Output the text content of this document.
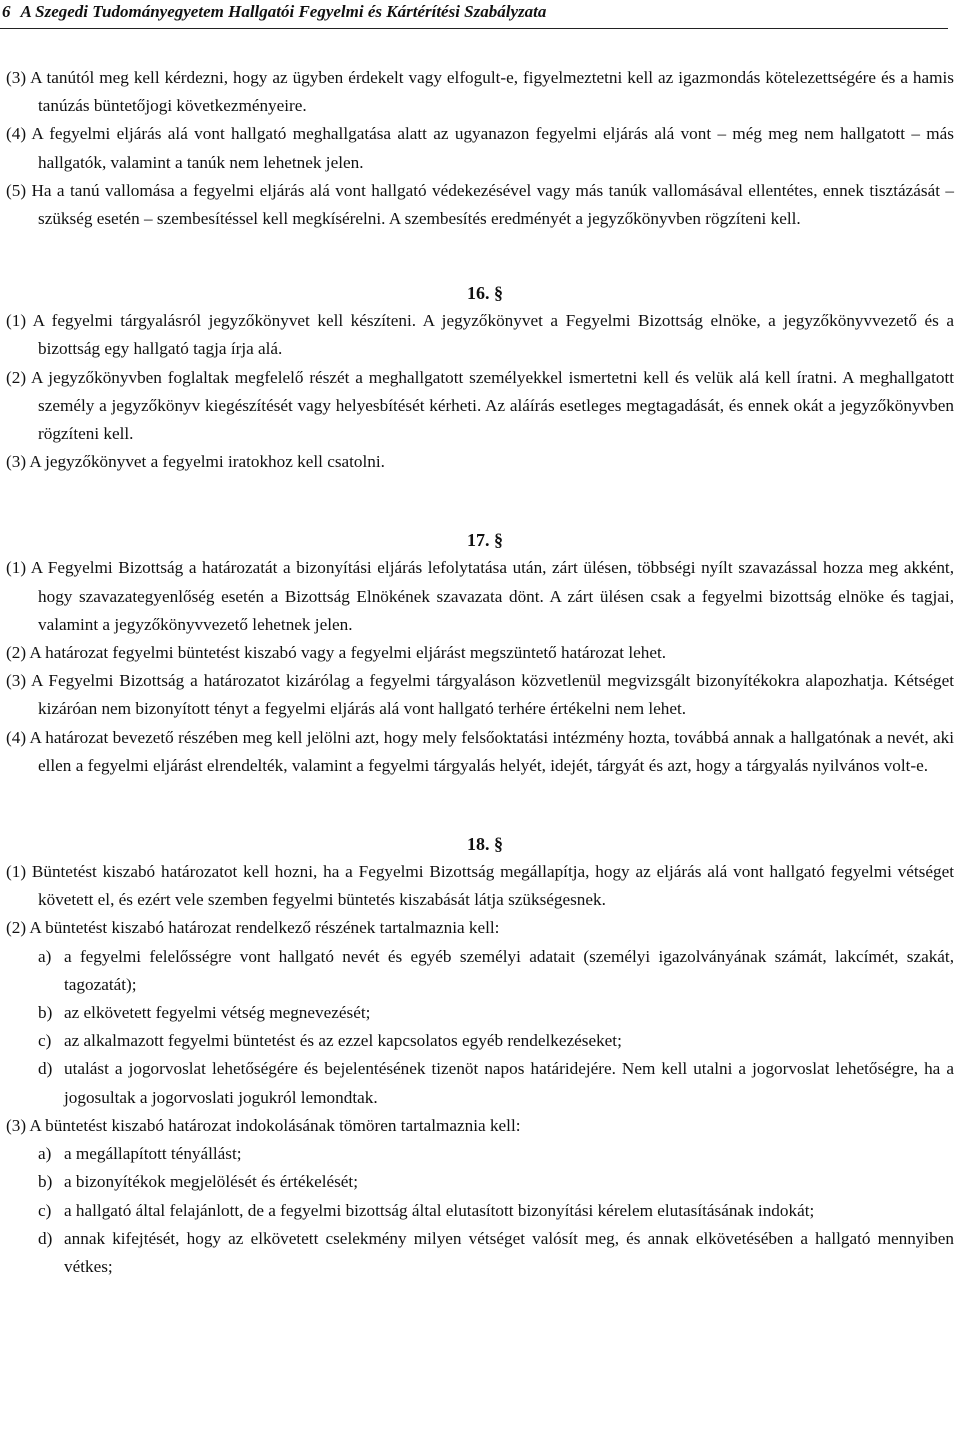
6 A Szegedi Tudományegyetem Hallgatói Fegyelmi és Kártérítési Szabályzata

(3) A tanútól meg kell kérdezni, hogy az ügyben érdekelt vagy elfogult-e, figyelmeztetni kell az igazmondás kötelezettségére és a hamis tanúzás büntetőjogi következményeire.

(4) A fegyelmi eljárás alá vont hallgató meghallgatása alatt az ugyanazon fegyelmi eljárás alá vont – még meg nem hallgatott – más hallgatók, valamint a tanúk nem lehetnek jelen.

(5) Ha a tanú vallomása a fegyelmi eljárás alá vont hallgató védekezésével vagy más tanúk vallomásával ellentétes, ennek tisztázását – szükség esetén – szembesítéssel kell megkísérelni. A szembesítés eredményét a jegyzőkönyvben rögzíteni kell.

16. §

(1) A fegyelmi tárgyalásról jegyzőkönyvet kell készíteni. A jegyzőkönyvet a Fegyelmi Bizottság elnöke, a jegyzőkönyvvezető és a bizottság egy hallgató tagja írja alá.

(2) A jegyzőkönyvben foglaltak megfelelő részét a meghallgatott személyekkel ismertetni kell és velük alá kell íratni. A meghallgatott személy a jegyzőkönyv kiegészítését vagy helyesbítését kérheti. Az aláírás esetleges megtagadását, és ennek okát a jegyzőkönyvben rögzíteni kell.

(3) A jegyzőkönyvet a fegyelmi iratokhoz kell csatolni.

17. §

(1) A Fegyelmi Bizottság a határozatát a bizonyítási eljárás lefolytatása után, zárt ülésen, többségi nyílt szavazással hozza meg akként, hogy szavazategyenlőség esetén a Bizottság Elnökének szavazata dönt. A zárt ülésen csak a fegyelmi bizottság elnöke és tagjai, valamint a jegyzőkönyvvezető lehetnek jelen.

(2) A határozat fegyelmi büntetést kiszabó vagy a fegyelmi eljárást megszüntető határozat lehet.

(3) A Fegyelmi Bizottság a határozatot kizárólag a fegyelmi tárgyaláson közvetlenül megvizsgált bizonyítékokra alapozhatja. Kétséget kizáróan nem bizonyított tényt a fegyelmi eljárás alá vont hallgató terhére értékelni nem lehet.

(4) A határozat bevezető részében meg kell jelölni azt, hogy mely felsőoktatási intézmény hozta, továbbá annak a hallgatónak a nevét, aki ellen a fegyelmi eljárást elrendelték, valamint a fegyelmi tárgyalás helyét, idejét, tárgyát és azt, hogy a tárgyalás nyilvános volt-e.

18. §

(1) Büntetést kiszabó határozatot kell hozni, ha a Fegyelmi Bizottság megállapítja, hogy az eljárás alá vont hallgató fegyelmi vétséget követett el, és ezért vele szemben fegyelmi büntetés kiszabását látja szükségesnek.

(2) A büntetést kiszabó határozat rendelkező részének tartalmaznia kell:

a) a fegyelmi felelősségre vont hallgató nevét és egyéb személyi adatait (személyi igazolványának számát, lakcímét, szakát, tagozatát);

b) az elkövetett fegyelmi vétség megnevezését;

c) az alkalmazott fegyelmi büntetést és az ezzel kapcsolatos egyéb rendelkezéseket;

d) utalást a jogorvoslat lehetőségére és bejelentésének tizenöt napos határidejére. Nem kell utalni a jogorvoslat lehetőségre, ha a jogosultak a jogorvoslati jogukról lemondtak.

(3) A büntetést kiszabó határozat indokolásának tömören tartalmaznia kell:

a) a megállapított tényállást;

b) a bizonyítékok megjelölését és értékelését;

c) a hallgató által felajánlott, de a fegyelmi bizottság által elutasított bizonyítási kérelem elutasításának indokát;

d) annak kifejtését, hogy az elkövetett cselekmény milyen vétséget valósít meg, és annak elkövetésében a hallgató mennyiben vétkes;
